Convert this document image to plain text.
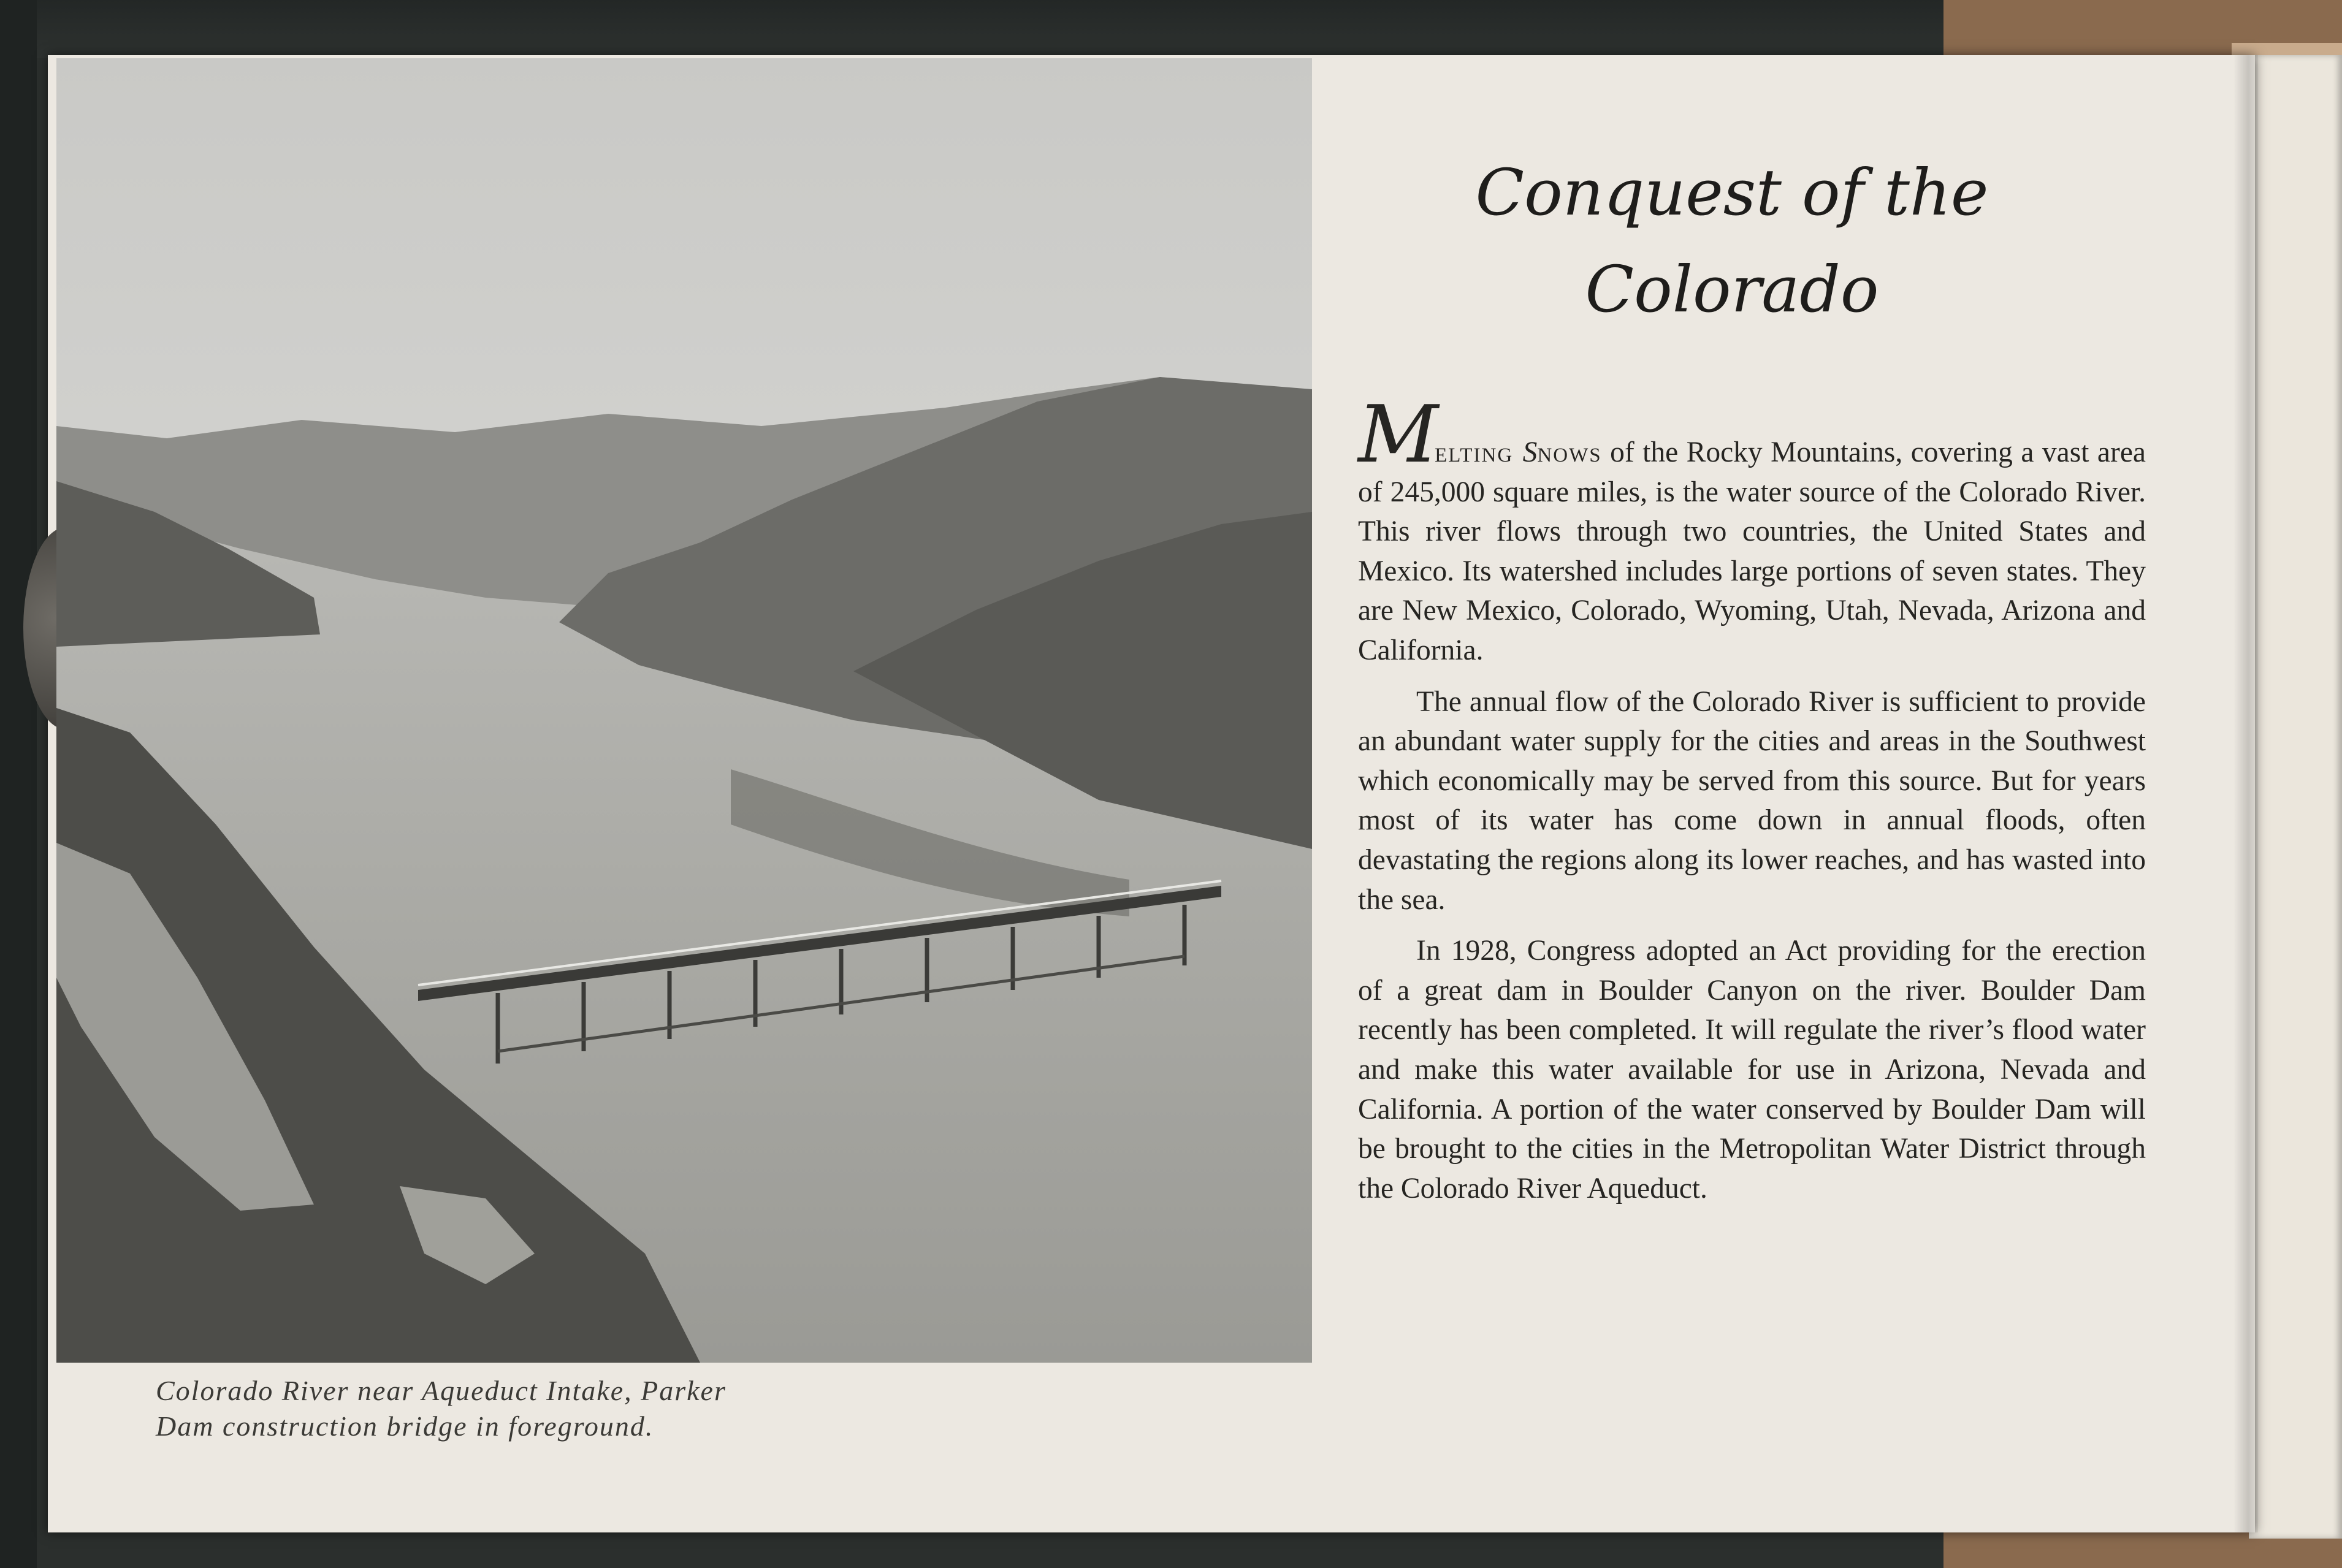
Colorado River near Aqueduct Intake, Parker
Dam construction bridge in foreground.
Conquest of the
Colorado

Melting Snows of the Rocky Mountains, covering a vast area of 245,000 square miles, is the water source of the Colorado River. This river flows through two countries, the United States and Mexico. Its watershed includes large portions of seven states. They are New Mexico, Colorado, Wyoming, Utah, Nevada, Arizona and California.

The annual flow of the Colorado River is sufficient to provide an abundant water supply for the cities and areas in the Southwest which economically may be served from this source. But for years most of its water has come down in annual floods, often devastating the regions along its lower reaches, and has wasted into the sea.

In 1928, Congress adopted an Act providing for the erection of a great dam in Boulder Canyon on the river. Boulder Dam recently has been completed. It will regulate the river’s flood water and make this water available for use in Arizona, Nevada and California. A portion of the water conserved by Boulder Dam will be brought to the cities in the Metropolitan Water District through the Colorado River Aqueduct.
